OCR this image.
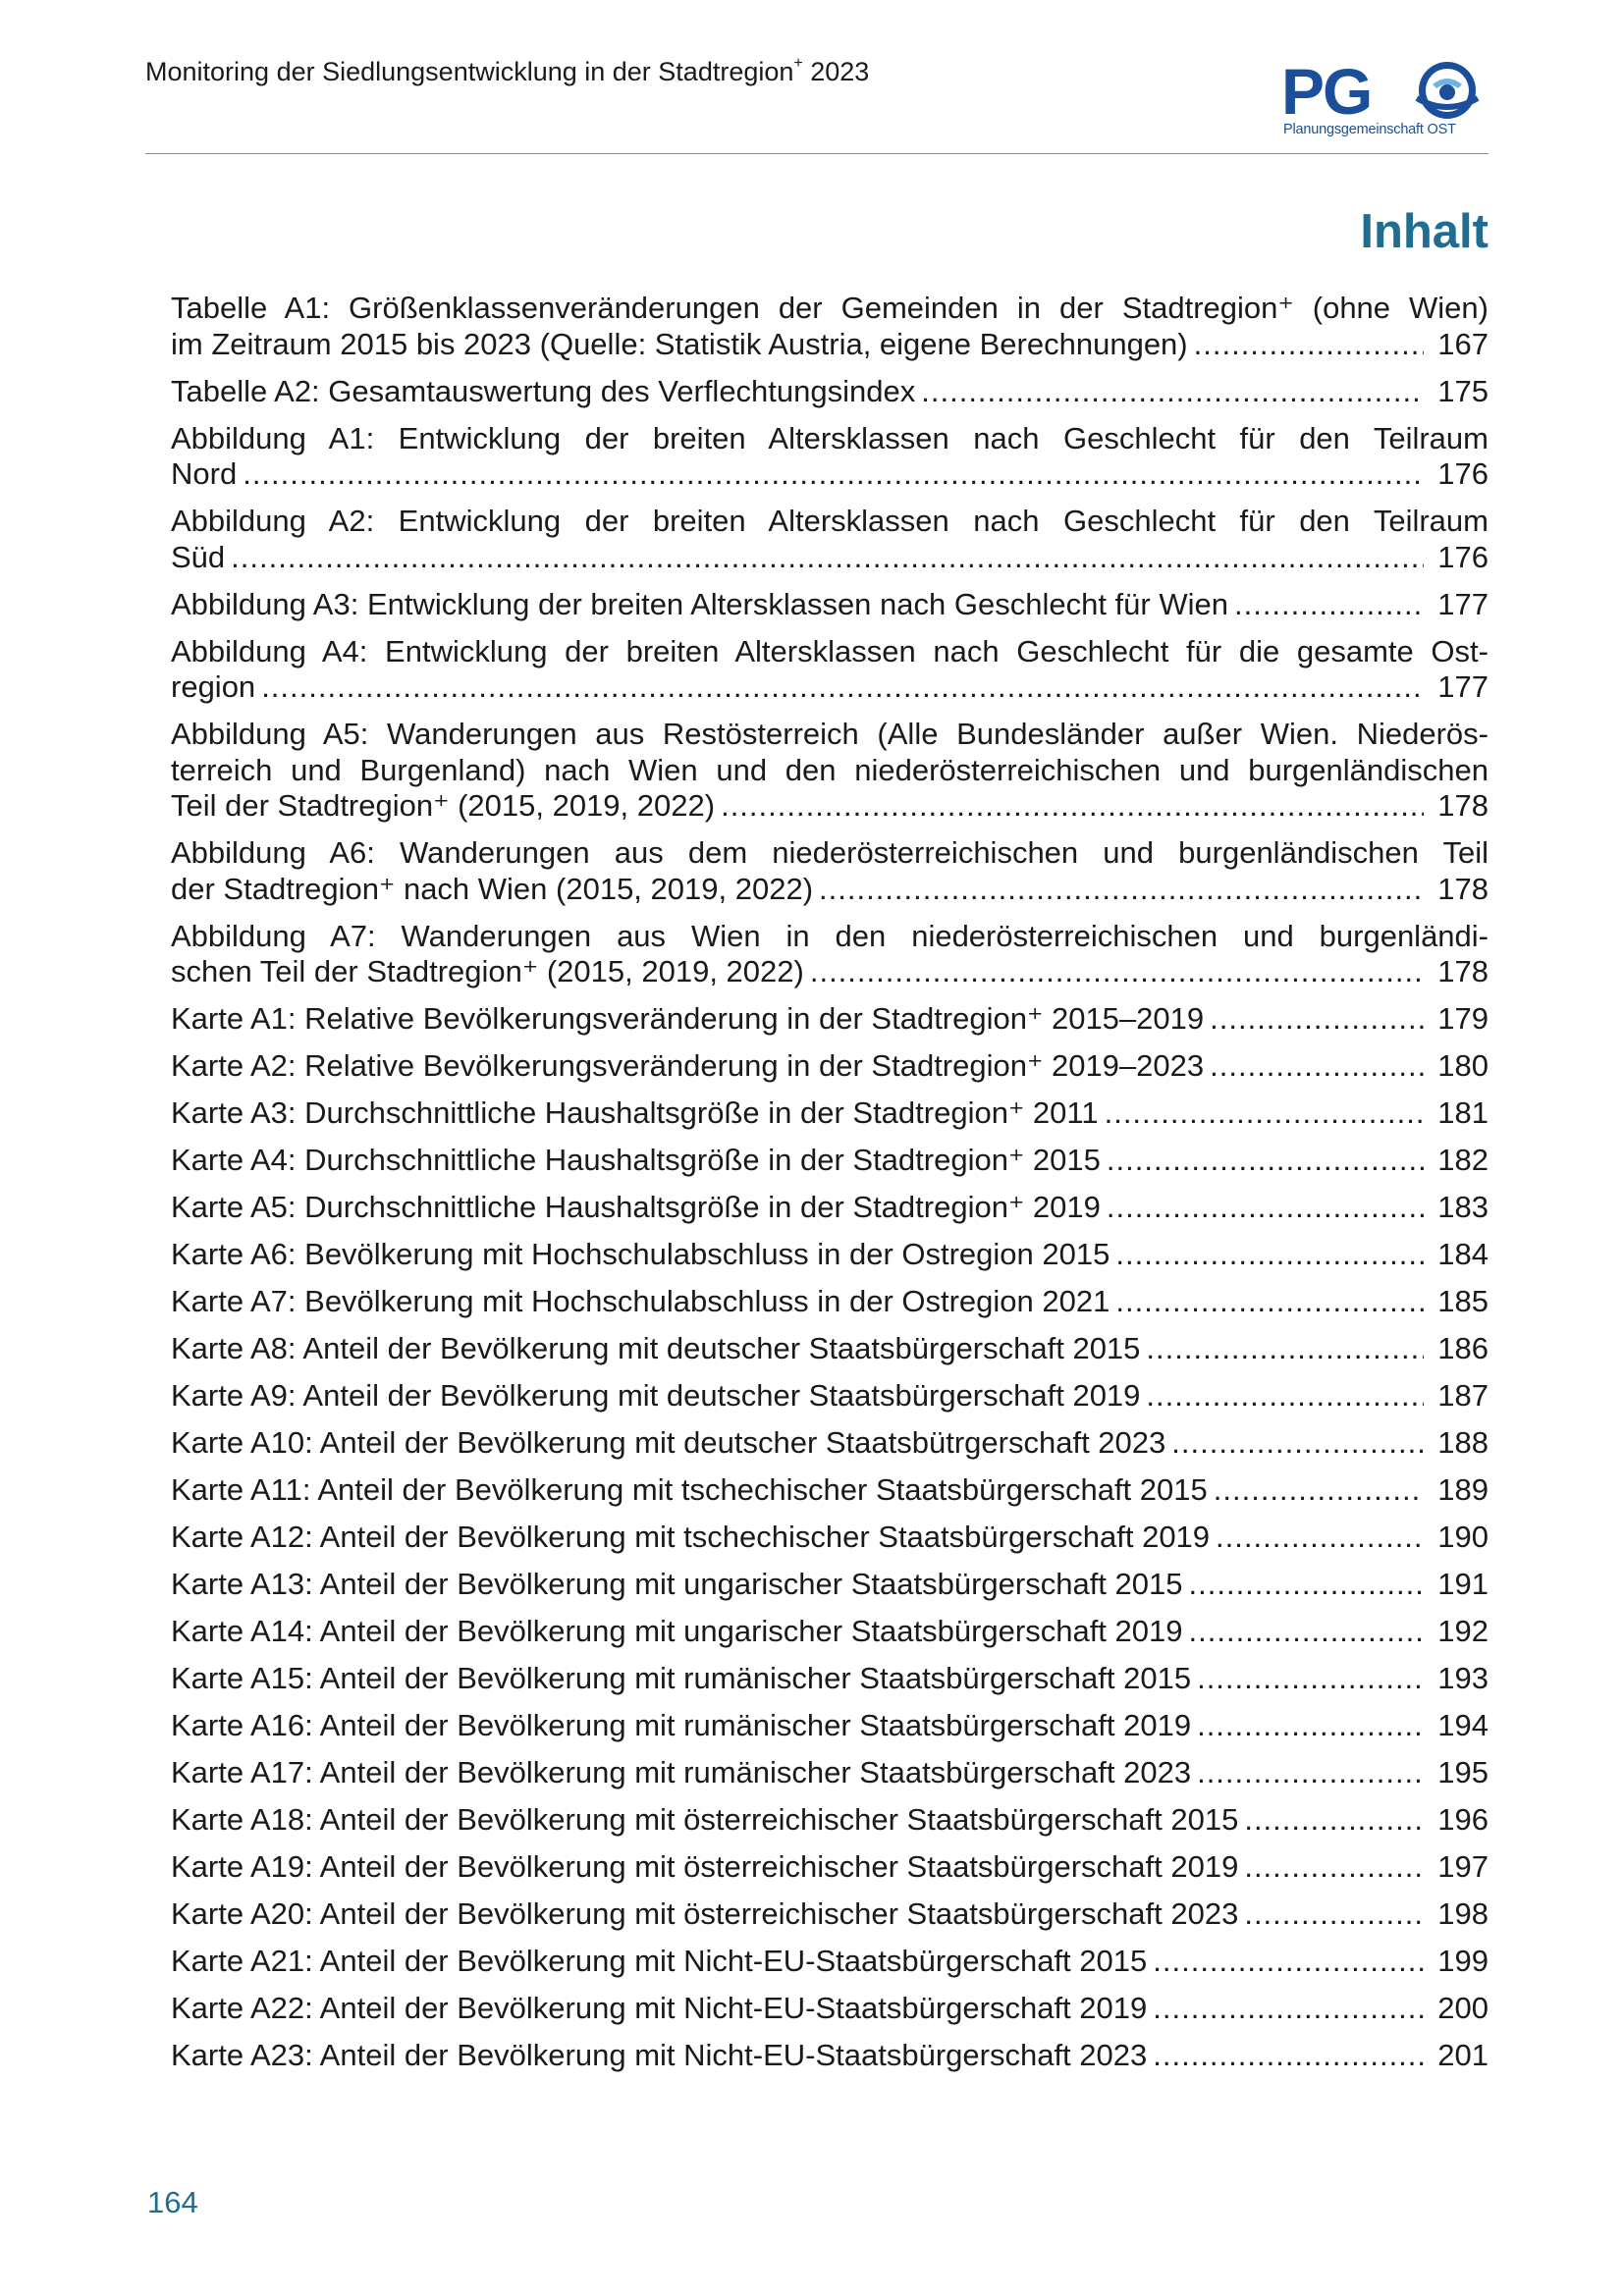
Monitoring der Siedlungsentwicklung in der Stadtregion+ 2023	PG
Planungsgemeinschaft OST
Inhalt
Tabelle A1: Größenklassenveränderungen der Gemeinden in der Stadtregion⁺ (ohne Wien)
im Zeitraum 2015 bis 2023 (Quelle: Statistik Austria, eigene Berechnungen) .....	167
Tabelle A2: Gesamtauswertung des Verflechtungsindex .....	175
Abbildung A1: Entwicklung der breiten Altersklassen nach Geschlecht für den Teilraum
Nord .....	176
Abbildung A2: Entwicklung der breiten Altersklassen nach Geschlecht für den Teilraum
Süd .....	176
Abbildung A3: Entwicklung der breiten Altersklassen nach Geschlecht für Wien .....	177
Abbildung A4: Entwicklung der breiten Altersklassen nach Geschlecht für die gesamte Ost-
region .....	177
Abbildung A5: Wanderungen aus Restösterreich (Alle Bundesländer außer Wien. Niederös-
terreich und Burgenland) nach Wien und den niederösterreichischen und burgenländischen
Teil der Stadtregion⁺ (2015, 2019, 2022) .....	178
Abbildung A6: Wanderungen aus dem niederösterreichischen und burgenländischen Teil
der Stadtregion⁺ nach Wien (2015, 2019, 2022) .....	178
Abbildung A7: Wanderungen aus Wien in den niederösterreichischen und burgenländi-
schen Teil der Stadtregion⁺ (2015, 2019, 2022) .....	178
Karte A1: Relative Bevölkerungsveränderung in der Stadtregion⁺ 2015–2019 .....	179
Karte A2: Relative Bevölkerungsveränderung in der Stadtregion⁺ 2019–2023 .....	180
Karte A3: Durchschnittliche Haushaltsgröße in der Stadtregion⁺ 2011 .....	181
Karte A4: Durchschnittliche Haushaltsgröße in der Stadtregion⁺ 2015 .....	182
Karte A5: Durchschnittliche Haushaltsgröße in der Stadtregion⁺ 2019 .....	183
Karte A6: Bevölkerung mit Hochschulabschluss in der Ostregion 2015 .....	184
Karte A7: Bevölkerung mit Hochschulabschluss in der Ostregion 2021 .....	185
Karte A8: Anteil der Bevölkerung mit deutscher Staatsbürgerschaft 2015 .....	186
Karte A9: Anteil der Bevölkerung mit deutscher Staatsbürgerschaft 2019 .....	187
Karte A10: Anteil der Bevölkerung mit deutscher Staatsbütrgerschaft 2023 .....	188
Karte A11: Anteil der Bevölkerung mit tschechischer Staatsbürgerschaft 2015 .....	189
Karte A12: Anteil der Bevölkerung mit tschechischer Staatsbürgerschaft 2019 .....	190
Karte A13: Anteil der Bevölkerung mit ungarischer Staatsbürgerschaft 2015 .....	191
Karte A14: Anteil der Bevölkerung mit ungarischer Staatsbürgerschaft 2019 .....	192
Karte A15: Anteil der Bevölkerung mit rumänischer Staatsbürgerschaft 2015 .....	193
Karte A16: Anteil der Bevölkerung mit rumänischer Staatsbürgerschaft 2019 .....	194
Karte A17: Anteil der Bevölkerung mit rumänischer Staatsbürgerschaft 2023 .....	195
Karte A18: Anteil der Bevölkerung mit österreichischer Staatsbürgerschaft 2015 .....	196
Karte A19: Anteil der Bevölkerung mit österreichischer Staatsbürgerschaft 2019 .....	197
Karte A20: Anteil der Bevölkerung mit österreichischer Staatsbürgerschaft 2023 .....	198
Karte A21: Anteil der Bevölkerung mit Nicht-EU-Staatsbürgerschaft 2015 .....	199
Karte A22: Anteil der Bevölkerung mit Nicht-EU-Staatsbürgerschaft 2019 .....	200
Karte A23: Anteil der Bevölkerung mit Nicht-EU-Staatsbürgerschaft 2023 .....	201
164
